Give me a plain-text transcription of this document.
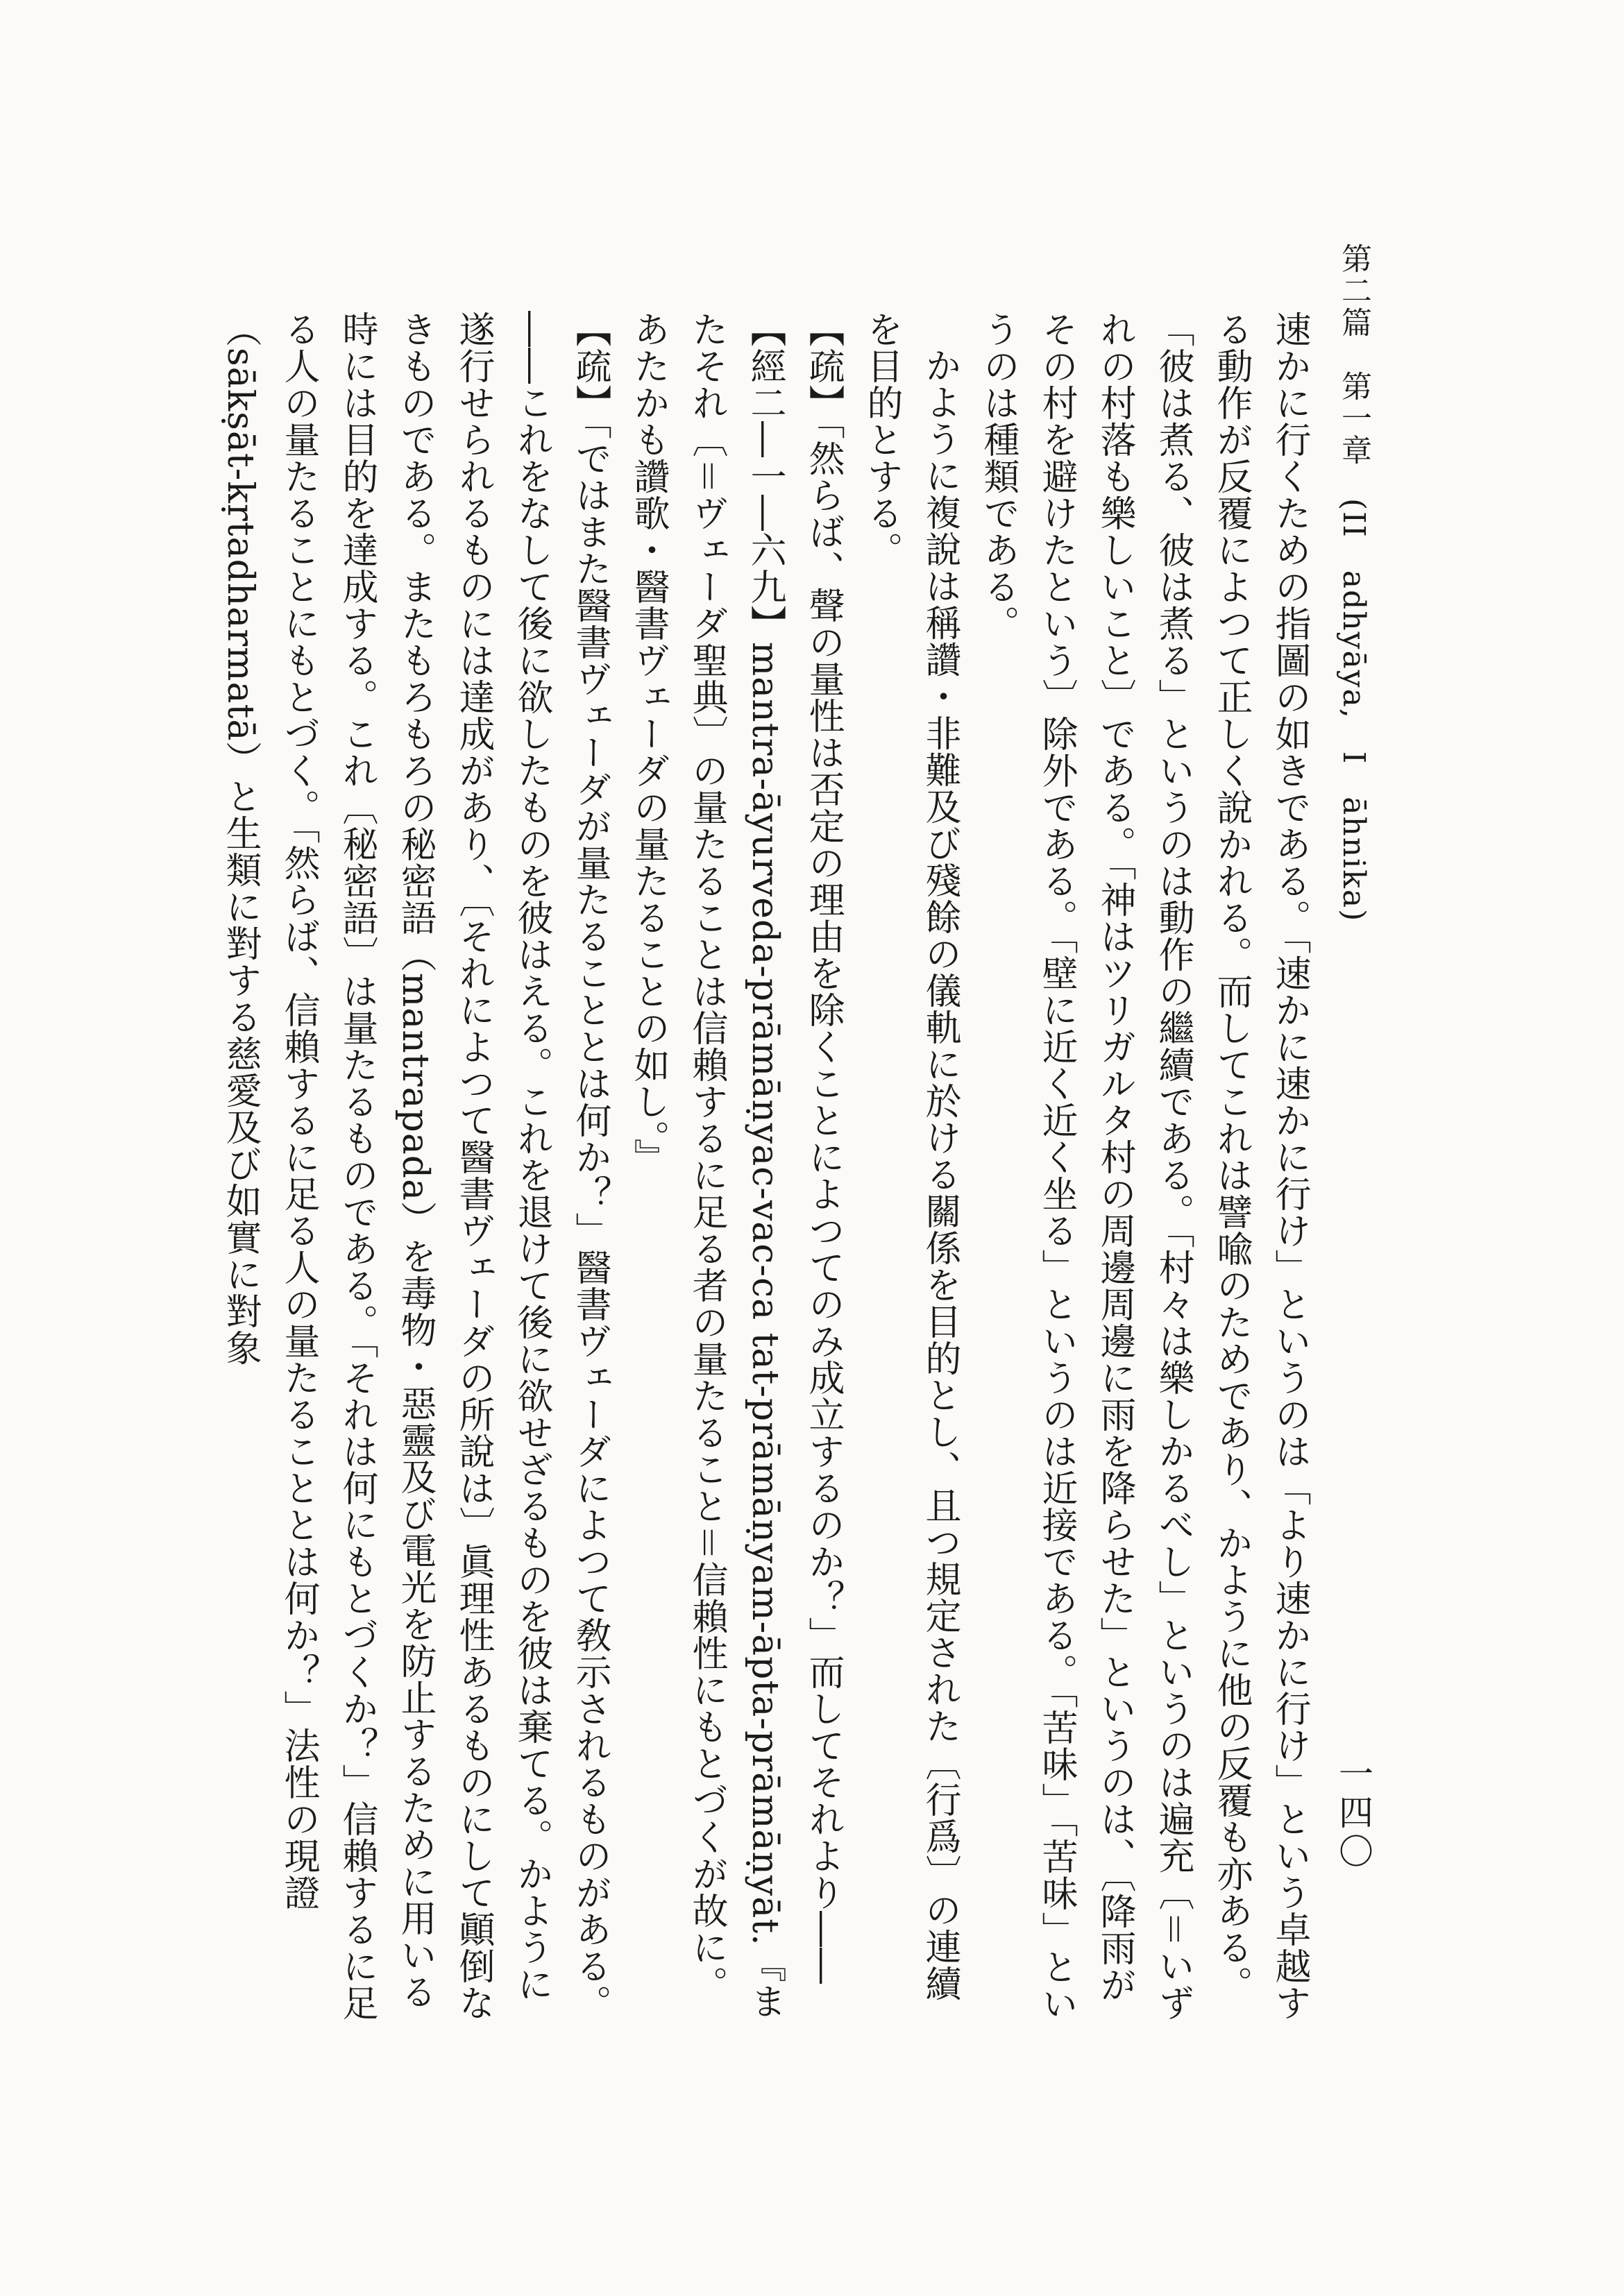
第二篇　第一章　(II　adhyāya,　I　āhnika)
一四〇

速かに行くための指圖の如きである。「速かに速かに行け」というのは「より速かに行け」という卓越する動作が反覆によつて正しく說かれる。而してこれは譬喩のためであり、かように他の反覆も亦ある。「彼は煮る、彼は煮る」というのは動作の繼續である。「村々は樂しかるべし」というのは遍充〔＝いずれの村落も樂しいこと〕である。「神はツリガルタ村の周邊周邊に雨を降らせた」というのは、〔降雨がその村を避けたという〕除外である。「壁に近く近く坐る」というのは近接である。「苦味」「苦味」というのは種類である。

かように複說は稱讚・非難及び殘餘の儀軌に於ける關係を目的とし、且つ規定された〔行爲〕の連續を目的とする。

【疏】「然らば、聲の量性は否定の理由を除くことによつてのみ成立するのか？」而してそれより――

【經二―一―六九】mantra-āyurveda-prāmāṇyac-vac-ca tat-prāmāṇyam-āpta-prāmāṇyāt.『またそれ〔＝ヴェーダ聖典〕の量たることは信賴するに足る者の量たること＝信賴性にもとづくが故に。あたかも讚歌・醫書ヴェーダの量たることの如し。』

【疏】「ではまた醫書ヴェーダが量たることとは何か？」醫書ヴェーダによつて敎示されるものがある。――これをなして後に欲したものを彼はえる。これを退けて後に欲せざるものを彼は棄てる。かように遂行せられるものには達成があり、〔それによつて醫書ヴェーダの所說は〕眞理性あるものにして顚倒なきものである。またもろもろの秘密語（mantrapada）を毒物・惡靈及び電光を防止するために用いる時には目的を達成する。これ〔秘密語〕は量たるものである。「それは何にもとづくか？」信賴するに足る人の量たることにもとづく。「然らば、信賴するに足る人の量たることとは何か？」法性の現證（sākṣāt-kṛtadharmatā）と生類に對する慈愛及び如實に對象
